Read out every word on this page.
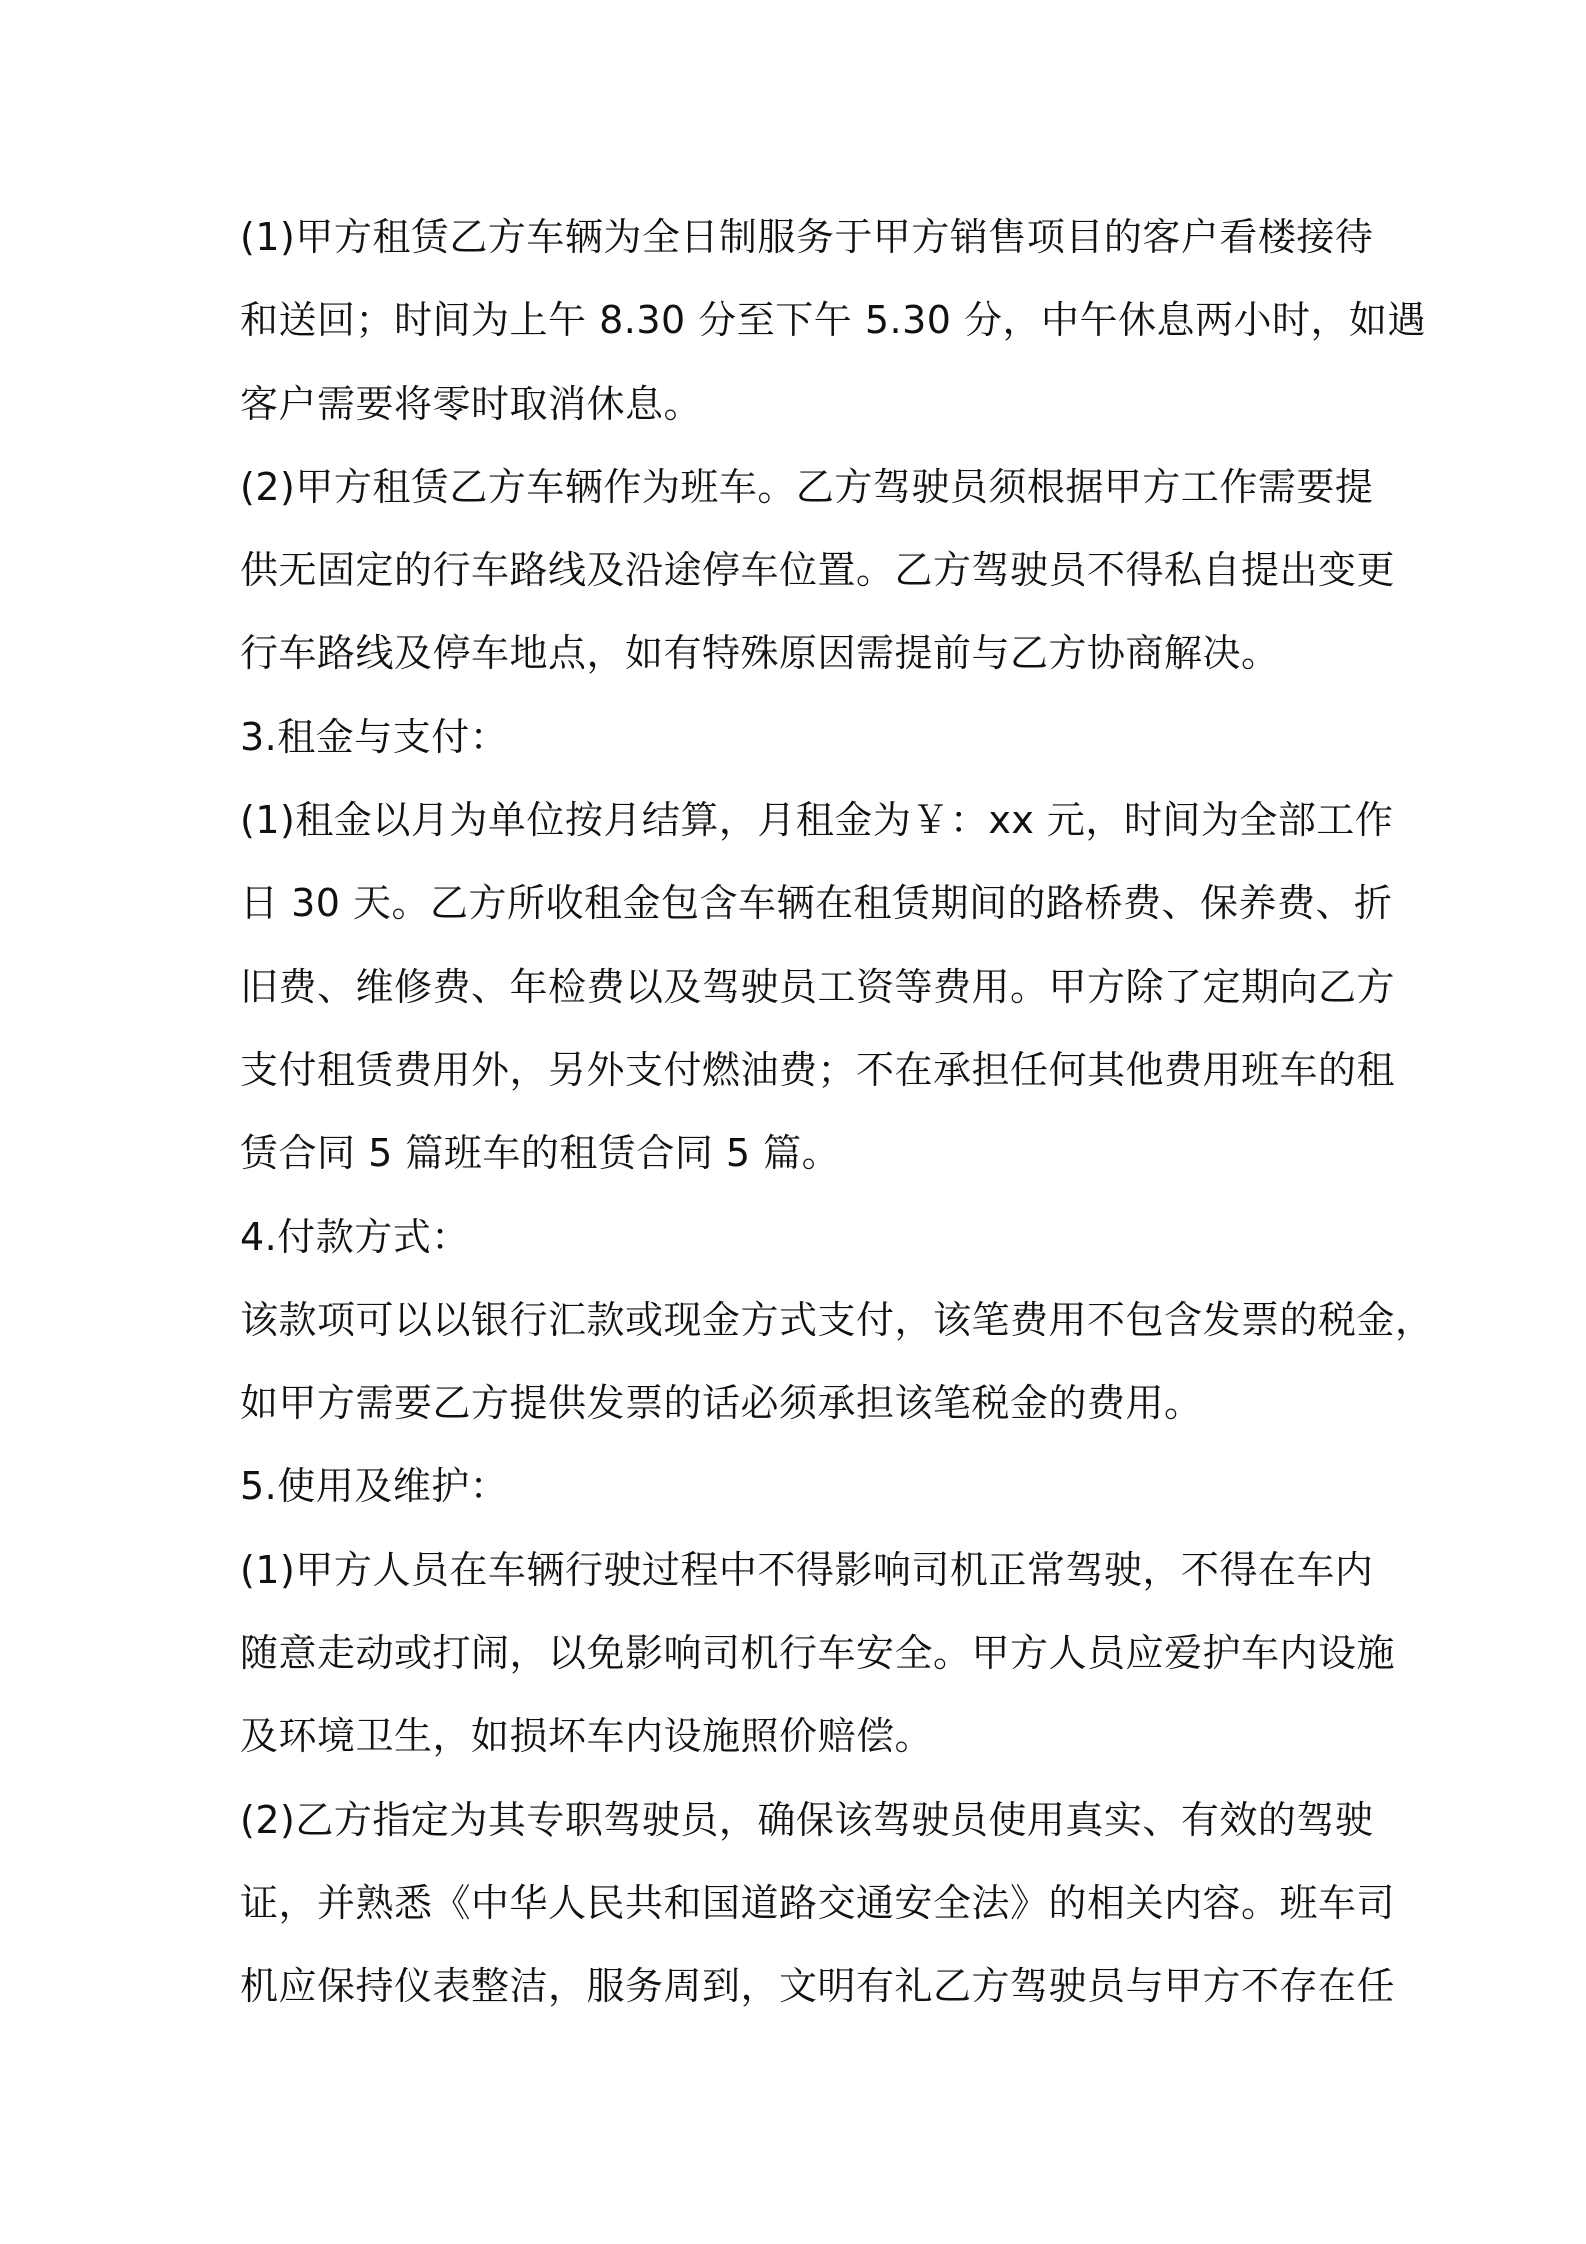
(1)甲方租赁乙方车辆为全日制服务于甲方销售项目的客户看楼接待
和送回；时间为上午 8.30 分至下午 5.30 分，中午休息两小时，如遇
客户需要将零时取消休息。
(2)甲方租赁乙方车辆作为班车。乙方驾驶员须根据甲方工作需要提
供无固定的行车路线及沿途停车位置。乙方驾驶员不得私自提出变更
行车路线及停车地点，如有特殊原因需提前与乙方协商解决。
3.租金与支付：
(1)租金以月为单位按月结算，月租金为￥：xx 元，时间为全部工作
日 30 天。乙方所收租金包含车辆在租赁期间的路桥费、保养费、折
旧费、维修费、年检费以及驾驶员工资等费用。甲方除了定期向乙方
支付租赁费用外，另外支付燃油费；不在承担任何其他费用班车的租
赁合同 5 篇班车的租赁合同 5 篇。
4.付款方式：
该款项可以以银行汇款或现金方式支付，该笔费用不包含发票的税金，
如甲方需要乙方提供发票的话必须承担该笔税金的费用。
5.使用及维护：
(1)甲方人员在车辆行驶过程中不得影响司机正常驾驶，不得在车内
随意走动或打闹，以免影响司机行车安全。甲方人员应爱护车内设施
及环境卫生，如损坏车内设施照价赔偿。
(2)乙方指定为其专职驾驶员，确保该驾驶员使用真实、有效的驾驶
证，并熟悉《中华人民共和国道路交通安全法》的相关内容。班车司
机应保持仪表整洁，服务周到，文明有礼乙方驾驶员与甲方不存在任
